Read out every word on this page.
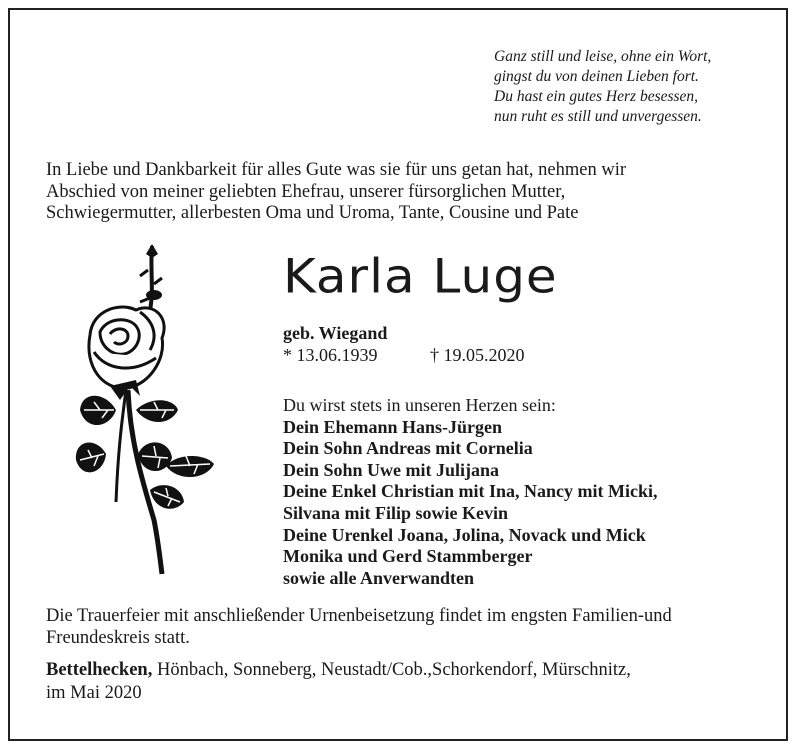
Ganz still und leise, ohne ein Wort,
gingst du von deinen Lieben fort.
Du hast ein gutes Herz besessen,
nun ruht es still und unvergessen.
In Liebe und Dankbarkeit für alles Gute was sie für uns getan hat, nehmen wir
Abschied von meiner geliebten Ehefrau, unserer fürsorglichen Mutter,
Schwiegermutter, allerbesten Oma und Uroma, Tante, Cousine und Pate
Karla Luge
geb. Wiegand
* 13.06.1939	† 19.05.2020
Du wirst stets in unseren Herzen sein:
Dein Ehemann Hans-Jürgen
Dein Sohn Andreas mit Cornelia
Dein Sohn Uwe mit Julijana
Deine Enkel Christian mit Ina, Nancy mit Micki,
Silvana mit Filip sowie Kevin
Deine Urenkel Joana, Jolina, Novack und Mick
Monika und Gerd Stammberger
sowie alle Anverwandten
Die Trauerfeier mit anschließender Urnenbeisetzung findet im engsten Familien-und
Freundeskreis statt.
Bettelhecken, Hönbach, Sonneberg, Neustadt/Cob.,Schorkendorf, Mürschnitz,
im Mai 2020
